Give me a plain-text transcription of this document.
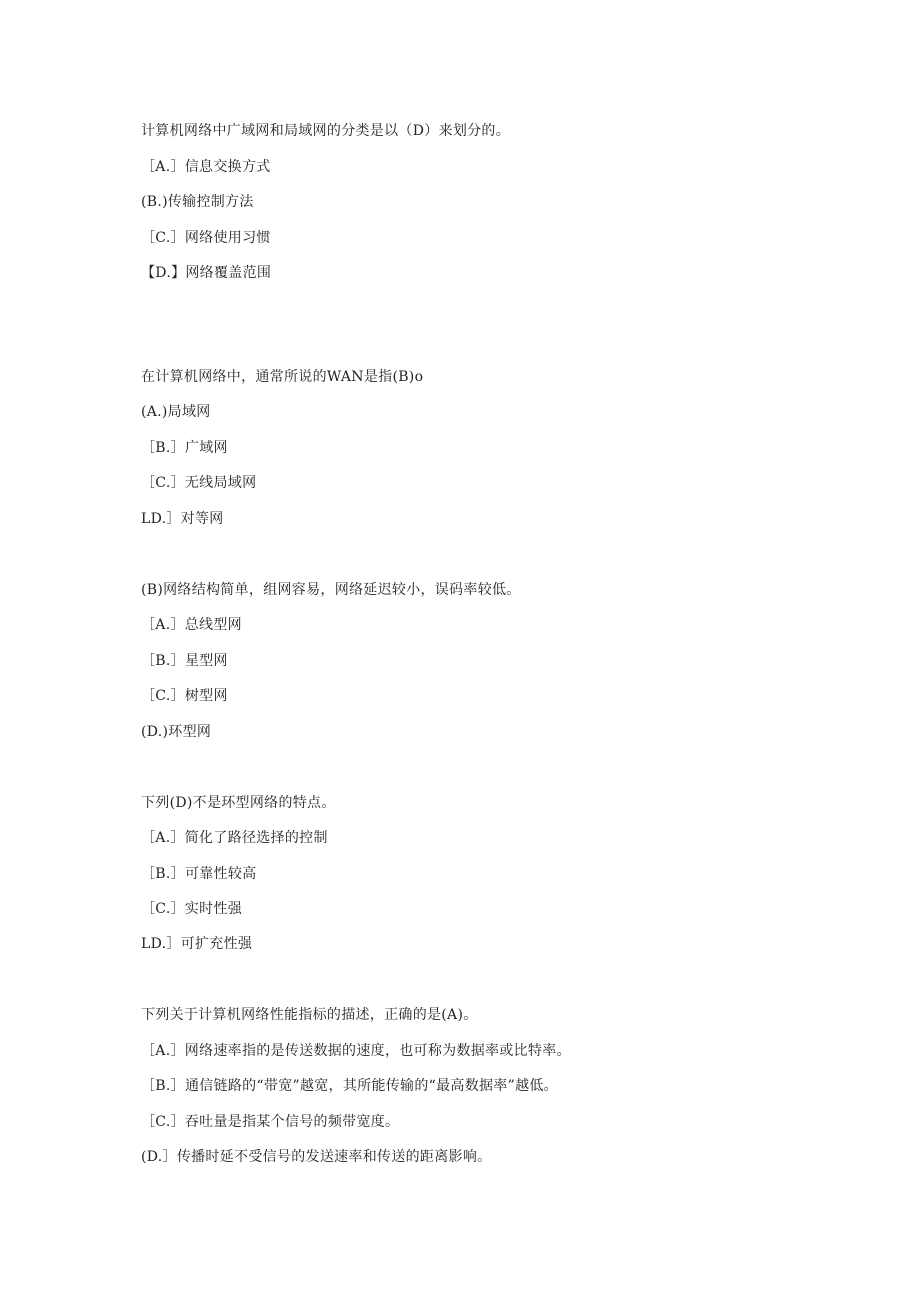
计算机网络中广域网和局域网的分类是以（D）来划分的。
［A.］信息交换方式
(B.)传输控制方法
［C.］网络使用习惯
【D.】网络覆盖范围
在计算机网络中，通常所说的WAN是指(B)o
(A.)局域网
［B.］广域网
［C.］无线局域网
LD.］对等网
(B)网络结构简单，组网容易，网络延迟较小，误码率较低。
［A.］总线型网
［B.］星型网
［C.］树型网
(D.)环型网
下列(D)不是环型网络的特点。
［A.］简化了路径选择的控制
［B.］可靠性较高
［C.］实时性强
LD.］可扩充性强
下列关于计算机网络性能指标的描述，正确的是(A)。
［A.］网络速率指的是传送数据的速度，也可称为数据率或比特率。
［B.］通信链路的“带宽”越宽，其所能传输的“最高数据率”越低。
［C.］吞吐量是指某个信号的频带宽度。
(D.］传播时延不受信号的发送速率和传送的距离影响。
